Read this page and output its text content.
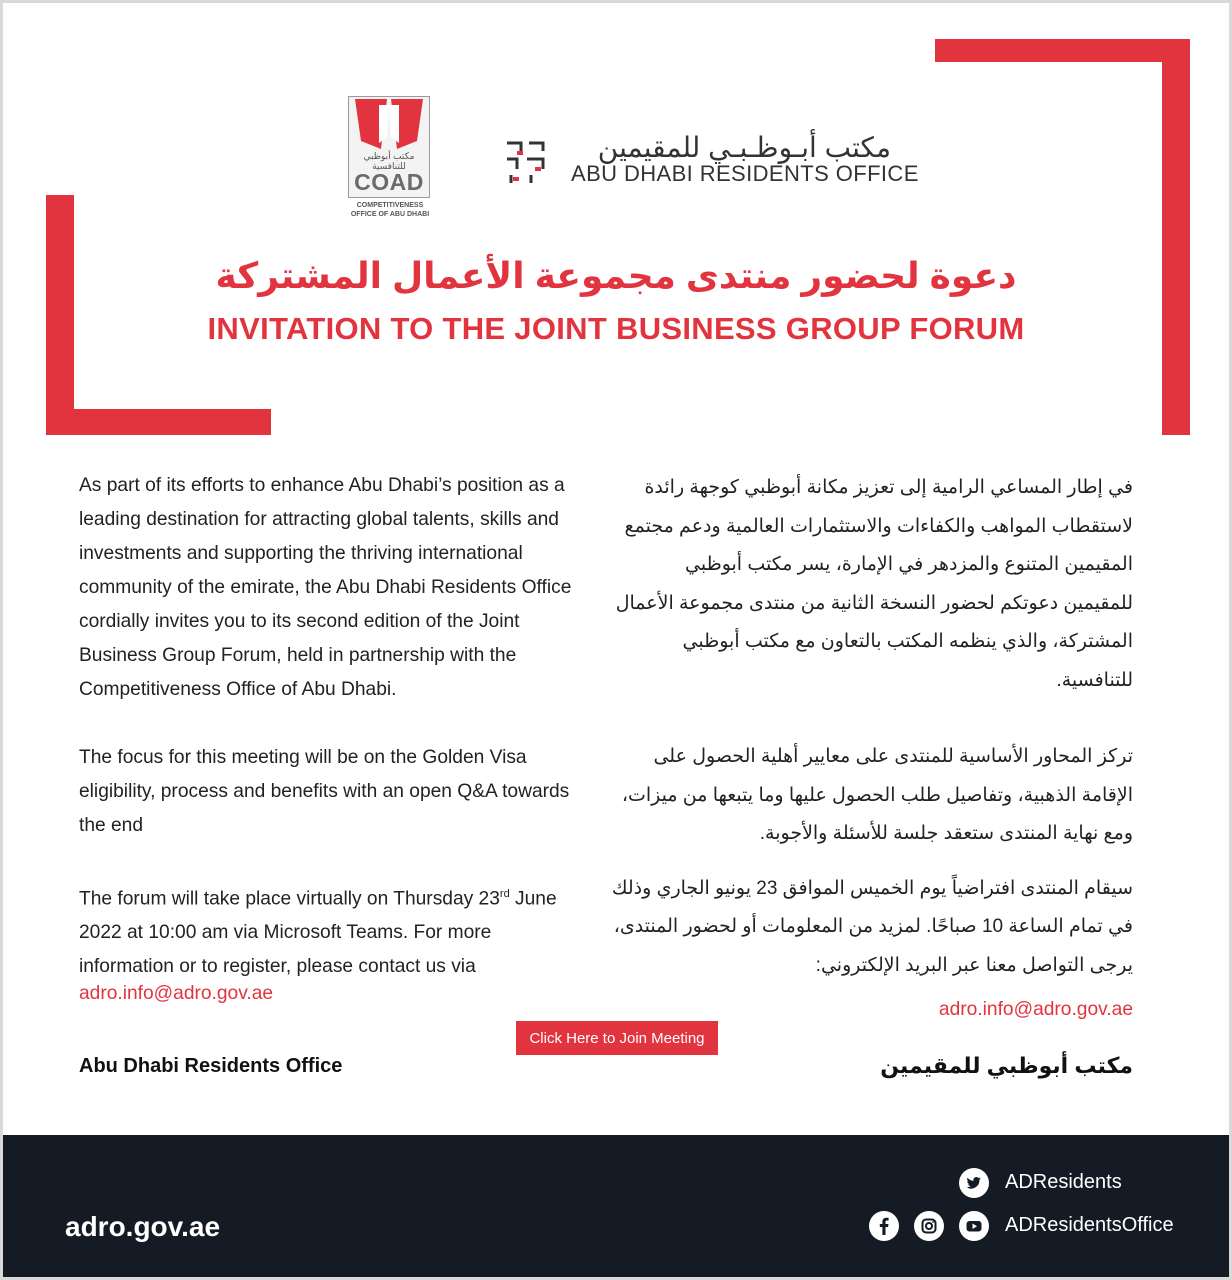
مكتب أبوظبي للتنافسية
COAD
COMPETITIVENESS
OFFICE OF ABU DHABI
مكتب أبـوظـبـي للمقيمين
ABU DHABI RESIDENTS OFFICE
دعوة لحضور منتدى مجموعة الأعمال المشتركة
INVITATION TO THE JOINT BUSINESS GROUP FORUM

As part of its efforts to enhance Abu Dhabi’s position as a leading destination for attracting global talents, skills and investments and supporting the thriving international community of the emirate, the Abu Dhabi Residents Office cordially invites you to its second edition of the Joint Business Group Forum, held in partnership with the Competitiveness Office of Abu Dhabi.

The focus for this meeting will be on the Golden Visa eligibility, process and benefits with an open Q&A towards the end

The forum will take place virtually on Thursday 23rd June 2022 at 10:00 am via Microsoft Teams. For more information or to register, please contact us via

adro.info@adro.gov.ae

في إطار المساعي الرامية إلى تعزيز مكانة أبوظبي كوجهة رائدة لاستقطاب المواهب والكفاءات والاستثمارات العالمية ودعم مجتمع المقيمين المتنوع والمزدهر في الإمارة، يسر مكتب أبوظبي للمقيمين دعوتكم لحضور النسخة الثانية من منتدى مجموعة الأعمال المشتركة، والذي ينظمه المكتب بالتعاون مع مكتب أبوظبي للتنافسية.

تركز المحاور الأساسية للمنتدى على معايير أهلية الحصول على الإقامة الذهبية، وتفاصيل طلب الحصول عليها وما يتبعها من ميزات، ومع نهاية المنتدى ستعقد جلسة للأسئلة والأجوبة.

سيقام المنتدى افتراضياً يوم الخميس الموافق 23 يونيو الجاري وذلك في تمام الساعة 10 صباحًا. لمزيد من المعلومات أو لحضور المنتدى، يرجى التواصل معنا عبر البريد الإلكتروني:

adro.info@adro.gov.ae
Click Here to Join Meeting
Abu Dhabi Residents Office	مكتب أبوظبي للمقيمين
adro.gov.ae
ADResidents
ADResidentsOffice
